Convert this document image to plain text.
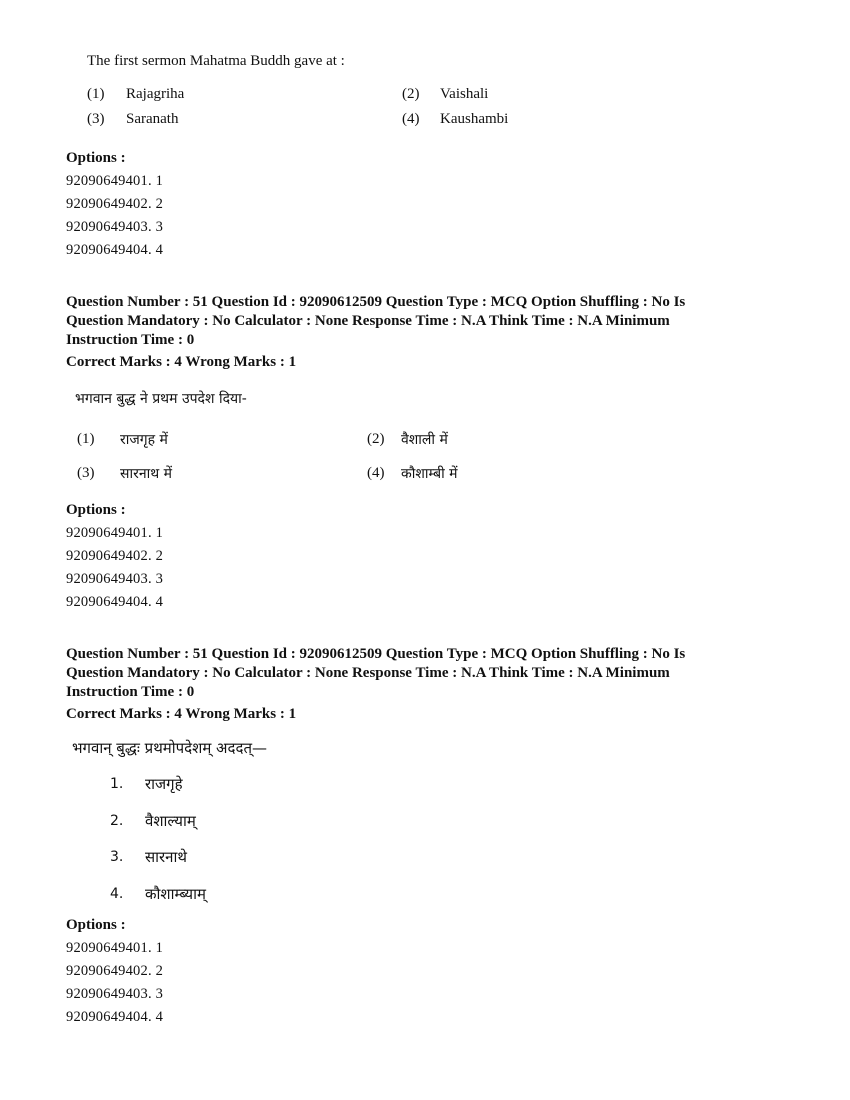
The first sermon Mahatma Buddh gave at :
(1) Rajagriha	(2) Vaishali
(3) Saranath	(4) Kaushambi
Options :
92090649401. 1
92090649402. 2
92090649403. 3
92090649404. 4
Question Number : 51 Question Id : 92090612509 Question Type : MCQ Option Shuffling : No Is
Question Mandatory : No Calculator : None Response Time : N.A Think Time : N.A Minimum
Instruction Time : 0
Correct Marks : 4 Wrong Marks : 1
भगवान बुद्ध ने प्रथम उपदेश दिया-
(1) राजगृह में	(2) वैशाली में
(3) सारनाथ में	(4) कौशाम्बी में
Options :
92090649401. 1
92090649402. 2
92090649403. 3
92090649404. 4
Question Number : 51 Question Id : 92090612509 Question Type : MCQ Option Shuffling : No Is
Question Mandatory : No Calculator : None Response Time : N.A Think Time : N.A Minimum
Instruction Time : 0
Correct Marks : 4 Wrong Marks : 1
भगवान् बुद्धः प्रथमोपदेशम् अददत्—
1. राजगृहे
2. वैशाल्याम्
3. सारनाथे
4. कौशाम्ब्याम्
Options :
92090649401. 1
92090649402. 2
92090649403. 3
92090649404. 4
